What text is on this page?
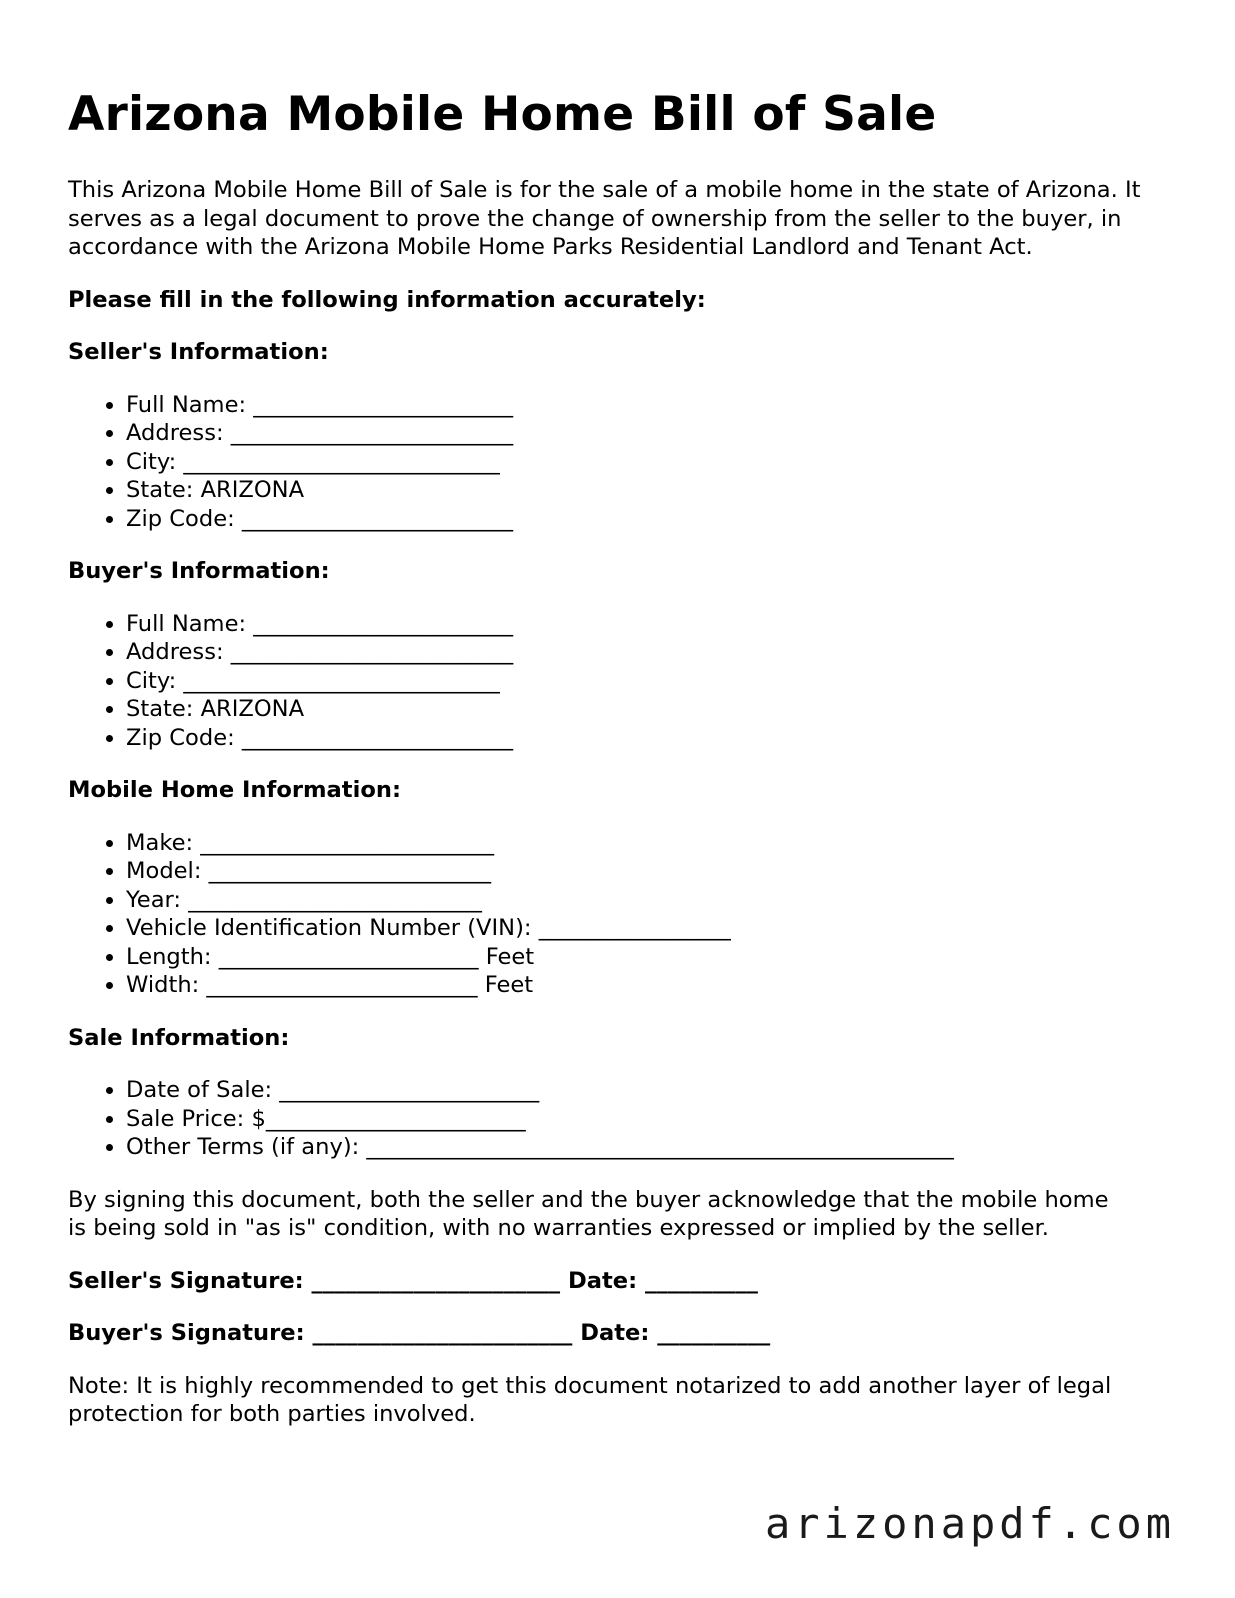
Arizona Mobile Home Bill of Sale

This Arizona Mobile Home Bill of Sale is for the sale of a mobile home in the state of Arizona. It serves as a legal document to prove the change of ownership from the seller to the buyer, in accordance with the Arizona Mobile Home Parks Residential Landlord and Tenant Act.

Please fill in the following information accurately:

Seller's Information:

• Full Name: _______________________
• Address: _________________________
• City: ____________________________
• State: ARIZONA
• Zip Code: ________________________

Buyer's Information:

• Full Name: _______________________
• Address: _________________________
• City: ____________________________
• State: ARIZONA
• Zip Code: ________________________

Mobile Home Information:

• Make: __________________________
• Model: _________________________
• Year: __________________________
• Vehicle Identification Number (VIN): _________________
• Length: _______________________ Feet
• Width: ________________________ Feet

Sale Information:

• Date of Sale: _______________________
• Sale Price: $_______________________
• Other Terms (if any): ____________________________________________________

By signing this document, both the seller and the buyer acknowledge that the mobile home is being sold in "as is" condition, with no warranties expressed or implied by the seller.

Seller's Signature: ______________________ Date: __________

Buyer's Signature: _______________________ Date: __________

Note: It is highly recommended to get this document notarized to add another layer of legal protection for both parties involved.

arizonapdf.com
